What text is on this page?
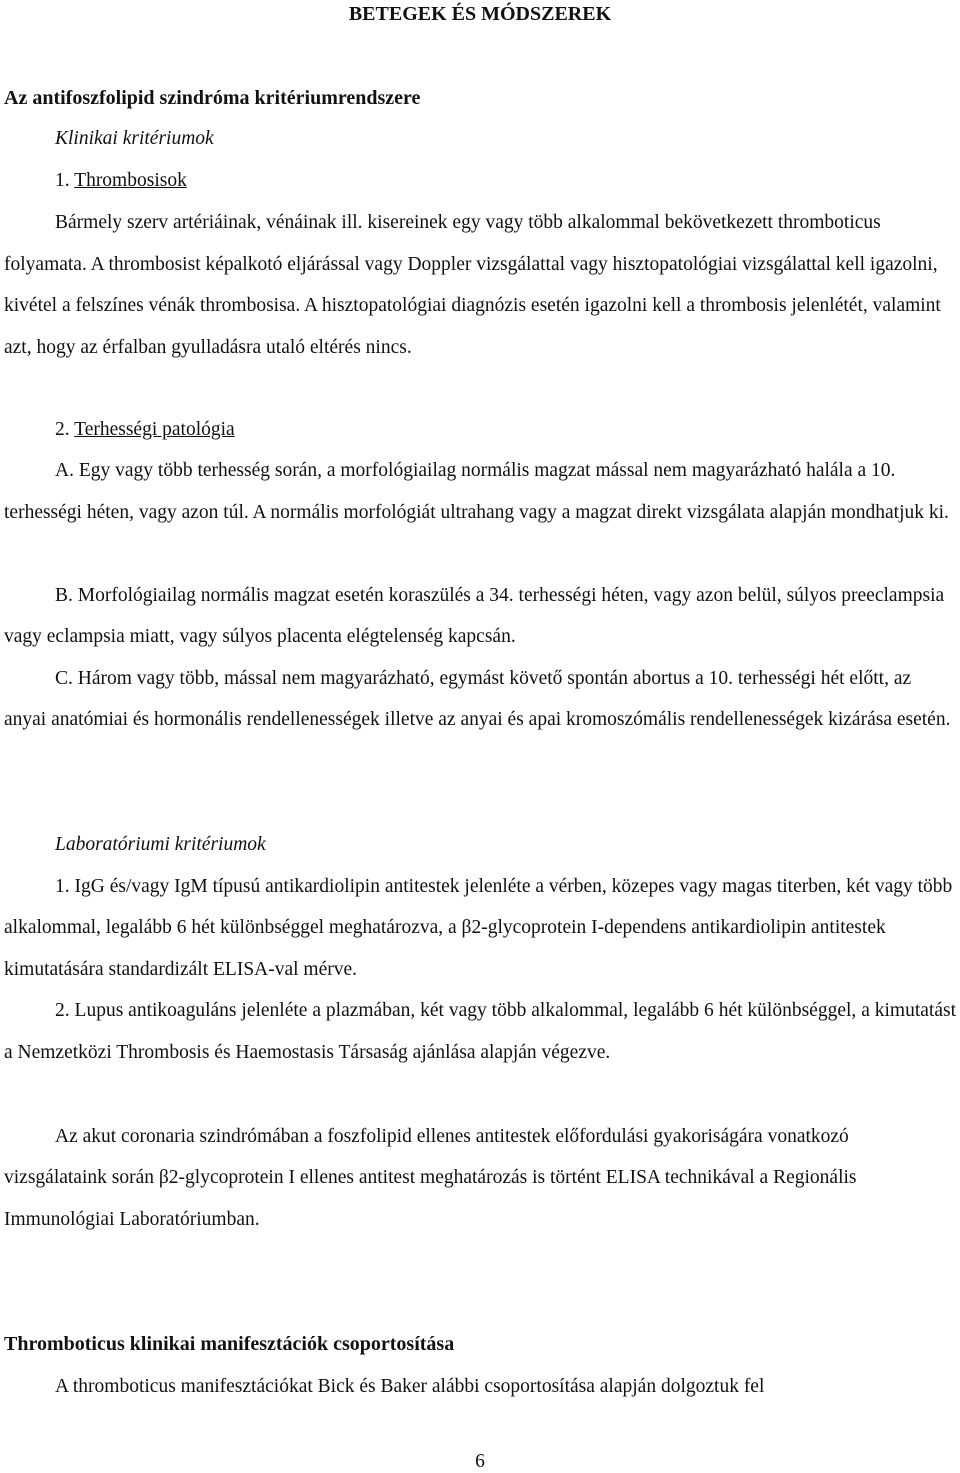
BETEGEK ÉS MÓDSZEREK
Az antifoszfolipid szindróma kritériumrendszere
Klinikai kritériumok
1. Thrombosisok

Bármely szerv artériáinak, vénáinak ill. kisereinek egy vagy több alkalommal bekövetkezett thromboticus folyamata. A thrombosist képalkotó eljárással vagy Doppler vizsgálattal vagy hisztopatológiai vizsgálattal kell igazolni, kivétel a felszínes vénák thrombosisa. A hisztopatológiai diagnózis esetén igazolni kell a thrombosis jelenlétét, valamint azt, hogy az érfalban gyulladásra utaló eltérés nincs.

2. Terhességi patológia

A. Egy vagy több terhesség során, a morfológiailag normális magzat mással nem magyarázható halála a 10. terhességi héten, vagy azon túl. A normális morfológiát ultrahang vagy a magzat direkt vizsgálata alapján mondhatjuk ki.

B. Morfológiailag normális magzat esetén koraszülés a 34. terhességi héten, vagy azon belül, súlyos preeclampsia vagy eclampsia miatt, vagy súlyos placenta elégtelenség kapcsán.

C. Három vagy több, mással nem magyarázható, egymást követő spontán abortus a 10. terhességi hét előtt, az anyai anatómiai és hormonális rendellenességek illetve az anyai és apai kromoszómális rendellenességek kizárása esetén.

Laboratóriumi kritériumok

1. IgG és/vagy IgM típusú antikardiolipin antitestek jelenléte a vérben, közepes vagy magas titerben, két vagy több alkalommal, legalább 6 hét különbséggel meghatározva, a β2-glycoprotein I-dependens antikardiolipin antitestek kimutatására standardizált ELISA-val mérve.

2. Lupus antikoaguláns jelenléte a plazmában, két vagy több alkalommal, legalább 6 hét különbséggel, a kimutatást a Nemzetközi Thrombosis és Haemostasis Társaság ajánlása alapján végezve.

Az akut coronaria szindrómában a foszfolipid ellenes antitestek előfordulási gyakoriságára vonatkozó vizsgálataink során β2-glycoprotein I ellenes antitest meghatározás is történt ELISA technikával a Regionális Immunológiai Laboratóriumban.

Thromboticus klinikai manifesztációk csoportosítása

A thromboticus manifesztációkat Bick és Baker alábbi csoportosítása alapján dolgoztuk fel

6
